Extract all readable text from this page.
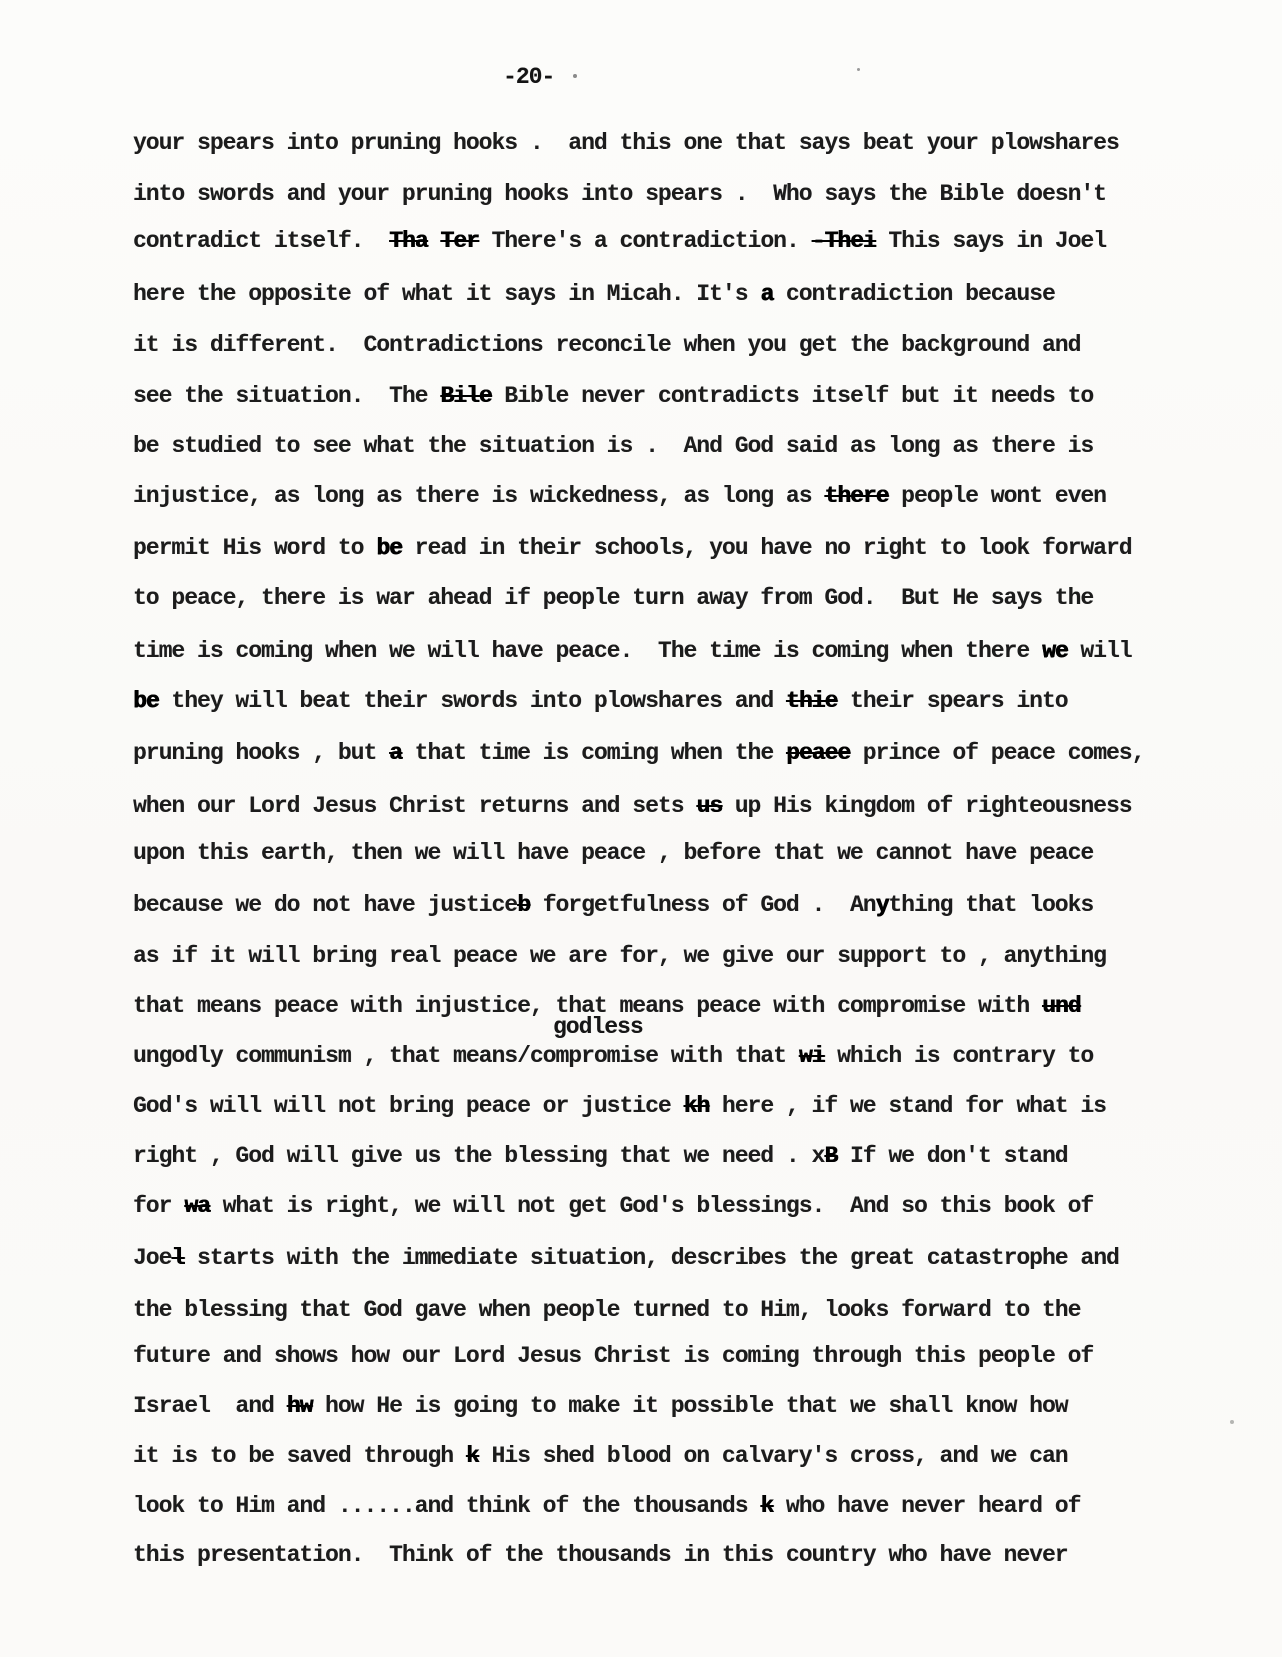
-20-
your spears into pruning hooks .  and this one that says beat your plowshares
into swords and your pruning hooks into spears .  Who says the Bible doesn't
contradict itself.  Tha Ter There's a contradiction. -Thei This says in Joel
here the opposite of what it says in Micah. It's a contradiction because
it is different.  Contradictions reconcile when you get the background and
see the situation.  The Bile Bible never contradicts itself but it needs to
be studied to see what the situation is .  And God said as long as there is
injustice, as long as there is wickedness, as long as there people wont even
permit His word to be read in their schools, you have no right to look forward
to peace, there is war ahead if people turn away from God.  But He says the
time is coming when we will have peace.  The time is coming when there we will
be they will beat their swords into plowshares and thie their spears into
pruning hooks , but a that time is coming when the peaee prince of peace comes,
when our Lord Jesus Christ returns and sets us up His kingdom of righteousness
upon this earth, then we will have peace , before that we cannot have peace
because we do not have justiceb forgetfulness of God .  Anything that looks
as if it will bring real peace we are for, we give our support to , anything
that means peace with injustice, that means peace with compromise with und
ungodly communism , that means/compromise with that wi which is contrary to
God's will will not bring peace or justice kh here , if we stand for what is
right , God will give us the blessing that we need . xB If we don't stand
for wa what is right, we will not get God's blessings.  And so this book of
Joel starts with the immediate situation, describes the great catastrophe and
the blessing that God gave when people turned to Him, looks forward to the
future and shows how our Lord Jesus Christ is coming through this people of
Israel  and hw how He is going to make it possible that we shall know how
it is to be saved through k His shed blood on calvary's cross, and we can
look to Him and ......and think of the thousands k who have never heard of
this presentation.  Think of the thousands in this country who have never
godless
